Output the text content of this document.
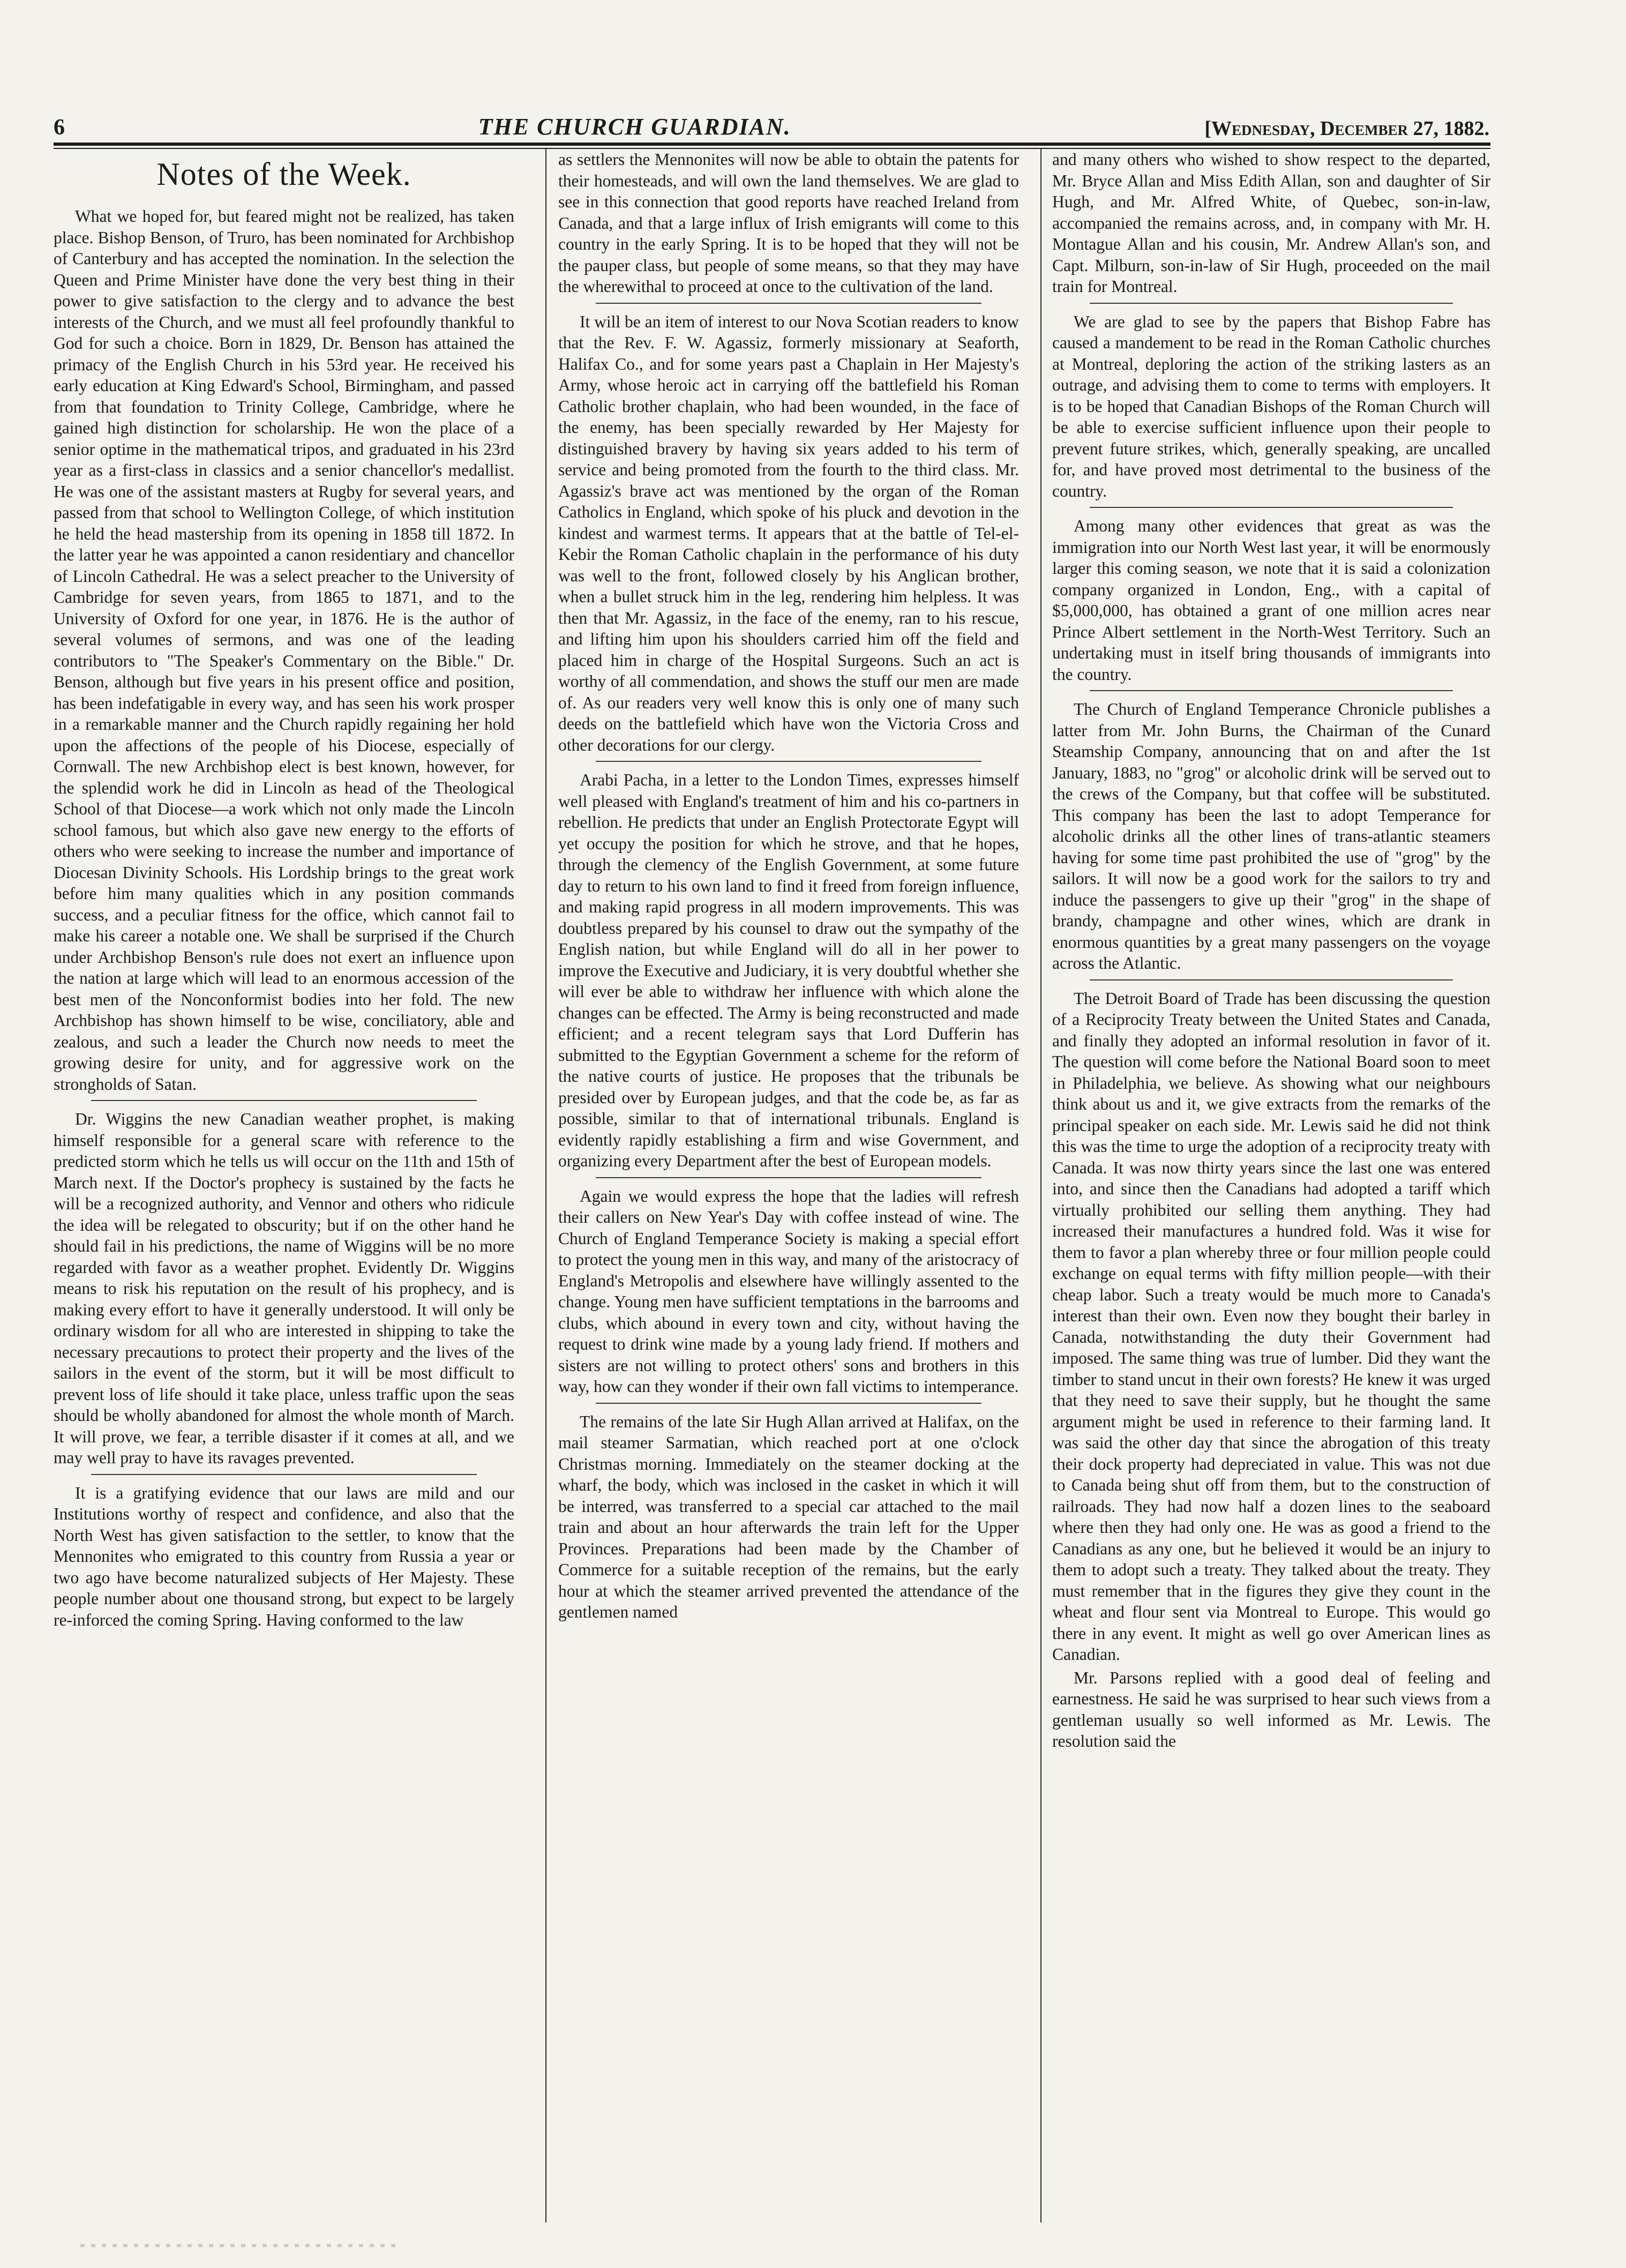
6	THE CHURCH GUARDIAN.	[Wednesday, December 27, 1882.
Notes of the Week.

What we hoped for, but feared might not be realized, has taken place. Bishop Benson, of Truro, has been nominated for Archbishop of Canterbury and has accepted the nomination. In the selection the Queen and Prime Minister have done the very best thing in their power to give satisfaction to the clergy and to advance the best interests of the Church, and we must all feel profoundly thankful to God for such a choice. Born in 1829, Dr. Benson has attained the primacy of the English Church in his 53rd year. He received his early education at King Edward's School, Birmingham, and passed from that foundation to Trinity College, Cambridge, where he gained high distinction for scholarship. He won the place of a senior optime in the mathematical tripos, and graduated in his 23rd year as a first-class in classics and a senior chancellor's medallist. He was one of the assistant masters at Rugby for several years, and passed from that school to Wellington College, of which institution he held the head mastership from its opening in 1858 till 1872. In the latter year he was appointed a canon residentiary and chancellor of Lincoln Cathedral. He was a select preacher to the University of Cambridge for seven years, from 1865 to 1871, and to the University of Oxford for one year, in 1876. He is the author of several volumes of sermons, and was one of the leading contributors to "The Speaker's Commentary on the Bible." Dr. Benson, although but five years in his present office and position, has been indefatigable in every way, and has seen his work prosper in a remarkable manner and the Church rapidly regaining her hold upon the affections of the people of his Diocese, especially of Cornwall. The new Archbishop elect is best known, however, for the splendid work he did in Lincoln as head of the Theological School of that Diocese—a work which not only made the Lincoln school famous, but which also gave new energy to the efforts of others who were seeking to increase the number and importance of Diocesan Divinity Schools. His Lordship brings to the great work before him many qualities which in any position commands success, and a peculiar fitness for the office, which cannot fail to make his career a notable one. We shall be surprised if the Church under Archbishop Benson's rule does not exert an influence upon the nation at large which will lead to an enormous accession of the best men of the Nonconformist bodies into her fold. The new Archbishop has shown himself to be wise, conciliatory, able and zealous, and such a leader the Church now needs to meet the growing desire for unity, and for aggressive work on the strongholds of Satan.

Dr. Wiggins the new Canadian weather prophet, is making himself responsible for a general scare with reference to the predicted storm which he tells us will occur on the 11th and 15th of March next. If the Doctor's prophecy is sustained by the facts he will be a recognized authority, and Vennor and others who ridicule the idea will be relegated to obscurity; but if on the other hand he should fail in his predictions, the name of Wiggins will be no more regarded with favor as a weather prophet. Evidently Dr. Wiggins means to risk his reputation on the result of his prophecy, and is making every effort to have it generally understood. It will only be ordinary wisdom for all who are interested in shipping to take the necessary precautions to protect their property and the lives of the sailors in the event of the storm, but it will be most difficult to prevent loss of life should it take place, unless traffic upon the seas should be wholly abandoned for almost the whole month of March. It will prove, we fear, a terrible disaster if it comes at all, and we may well pray to have its ravages prevented.

It is a gratifying evidence that our laws are mild and our Institutions worthy of respect and confidence, and also that the North West has given satisfaction to the settler, to know that the Mennonites who emigrated to this country from Russia a year or two ago have become naturalized subjects of Her Majesty. These people number about one thousand strong, but expect to be largely re-inforced the coming Spring. Having conformed to the law

as settlers the Mennonites will now be able to obtain the patents for their homesteads, and will own the land themselves. We are glad to see in this connection that good reports have reached Ireland from Canada, and that a large influx of Irish emigrants will come to this country in the early Spring. It is to be hoped that they will not be the pauper class, but people of some means, so that they may have the wherewithal to proceed at once to the cultivation of the land.

It will be an item of interest to our Nova Scotian readers to know that the Rev. F. W. Agassiz, formerly missionary at Seaforth, Halifax Co., and for some years past a Chaplain in Her Majesty's Army, whose heroic act in carrying off the battlefield his Roman Catholic brother chaplain, who had been wounded, in the face of the enemy, has been specially rewarded by Her Majesty for distinguished bravery by having six years added to his term of service and being promoted from the fourth to the third class. Mr. Agassiz's brave act was mentioned by the organ of the Roman Catholics in England, which spoke of his pluck and devotion in the kindest and warmest terms. It appears that at the battle of Tel-el-Kebir the Roman Catholic chaplain in the performance of his duty was well to the front, followed closely by his Anglican brother, when a bullet struck him in the leg, rendering him helpless. It was then that Mr. Agassiz, in the face of the enemy, ran to his rescue, and lifting him upon his shoulders carried him off the field and placed him in charge of the Hospital Surgeons. Such an act is worthy of all commendation, and shows the stuff our men are made of. As our readers very well know this is only one of many such deeds on the battlefield which have won the Victoria Cross and other decorations for our clergy.

Arabi Pacha, in a letter to the London Times, expresses himself well pleased with England's treatment of him and his co-partners in rebellion. He predicts that under an English Protectorate Egypt will yet occupy the position for which he strove, and that he hopes, through the clemency of the English Government, at some future day to return to his own land to find it freed from foreign influence, and making rapid progress in all modern improvements. This was doubtless prepared by his counsel to draw out the sympathy of the English nation, but while England will do all in her power to improve the Executive and Judiciary, it is very doubtful whether she will ever be able to withdraw her influence with which alone the changes can be effected. The Army is being reconstructed and made efficient; and a recent telegram says that Lord Dufferin has submitted to the Egyptian Government a scheme for the reform of the native courts of justice. He proposes that the tribunals be presided over by European judges, and that the code be, as far as possible, similar to that of international tribunals. England is evidently rapidly establishing a firm and wise Government, and organizing every Department after the best of European models.

Again we would express the hope that the ladies will refresh their callers on New Year's Day with coffee instead of wine. The Church of England Temperance Society is making a special effort to protect the young men in this way, and many of the aristocracy of England's Metropolis and elsewhere have willingly assented to the change. Young men have sufficient temptations in the barrooms and clubs, which abound in every town and city, without having the request to drink wine made by a young lady friend. If mothers and sisters are not willing to protect others' sons and brothers in this way, how can they wonder if their own fall victims to intemperance.

The remains of the late Sir Hugh Allan arrived at Halifax, on the mail steamer Sarmatian, which reached port at one o'clock Christmas morning. Immediately on the steamer docking at the wharf, the body, which was inclosed in the casket in which it will be interred, was transferred to a special car attached to the mail train and about an hour afterwards the train left for the Upper Provinces. Preparations had been made by the Chamber of Commerce for a suitable reception of the remains, but the early hour at which the steamer arrived prevented the attendance of the gentlemen named

and many others who wished to show respect to the departed, Mr. Bryce Allan and Miss Edith Allan, son and daughter of Sir Hugh, and Mr. Alfred White, of Quebec, son-in-law, accompanied the remains across, and, in company with Mr. H. Montague Allan and his cousin, Mr. Andrew Allan's son, and Capt. Milburn, son-in-law of Sir Hugh, proceeded on the mail train for Montreal.

We are glad to see by the papers that Bishop Fabre has caused a mandement to be read in the Roman Catholic churches at Montreal, deploring the action of the striking lasters as an outrage, and advising them to come to terms with employers. It is to be hoped that Canadian Bishops of the Roman Church will be able to exercise sufficient influence upon their people to prevent future strikes, which, generally speaking, are uncalled for, and have proved most detrimental to the business of the country.

Among many other evidences that great as was the immigration into our North West last year, it will be enormously larger this coming season, we note that it is said a colonization company organized in London, Eng., with a capital of $5,000,000, has obtained a grant of one million acres near Prince Albert settlement in the North-West Territory. Such an undertaking must in itself bring thousands of immigrants into the country.

The Church of England Temperance Chronicle publishes a latter from Mr. John Burns, the Chairman of the Cunard Steamship Company, announcing that on and after the 1st January, 1883, no "grog" or alcoholic drink will be served out to the crews of the Company, but that coffee will be substituted. This company has been the last to adopt Temperance for alcoholic drinks all the other lines of trans-atlantic steamers having for some time past prohibited the use of "grog" by the sailors. It will now be a good work for the sailors to try and induce the passengers to give up their "grog" in the shape of brandy, champagne and other wines, which are drank in enormous quantities by a great many passengers on the voyage across the Atlantic.

The Detroit Board of Trade has been discussing the question of a Reciprocity Treaty between the United States and Canada, and finally they adopted an informal resolution in favor of it. The question will come before the National Board soon to meet in Philadelphia, we believe. As showing what our neighbours think about us and it, we give extracts from the remarks of the principal speaker on each side. Mr. Lewis said he did not think this was the time to urge the adoption of a reciprocity treaty with Canada. It was now thirty years since the last one was entered into, and since then the Canadians had adopted a tariff which virtually prohibited our selling them anything. They had increased their manufactures a hundred fold. Was it wise for them to favor a plan whereby three or four million people could exchange on equal terms with fifty million people—with their cheap labor. Such a treaty would be much more to Canada's interest than their own. Even now they bought their barley in Canada, notwithstanding the duty their Government had imposed. The same thing was true of lumber. Did they want the timber to stand uncut in their own forests? He knew it was urged that they need to save their supply, but he thought the same argument might be used in reference to their farming land. It was said the other day that since the abrogation of this treaty their dock property had depreciated in value. This was not due to Canada being shut off from them, but to the construction of railroads. They had now half a dozen lines to the seaboard where then they had only one. He was as good a friend to the Canadians as any one, but he believed it would be an injury to them to adopt such a treaty. They talked about the treaty. They must remember that in the figures they give they count in the wheat and flour sent via Montreal to Europe. This would go there in any event. It might as well go over American lines as Canadian.

Mr. Parsons replied with a good deal of feeling and earnestness. He said he was surprised to hear such views from a gentleman usually so well informed as Mr. Lewis. The resolution said the
